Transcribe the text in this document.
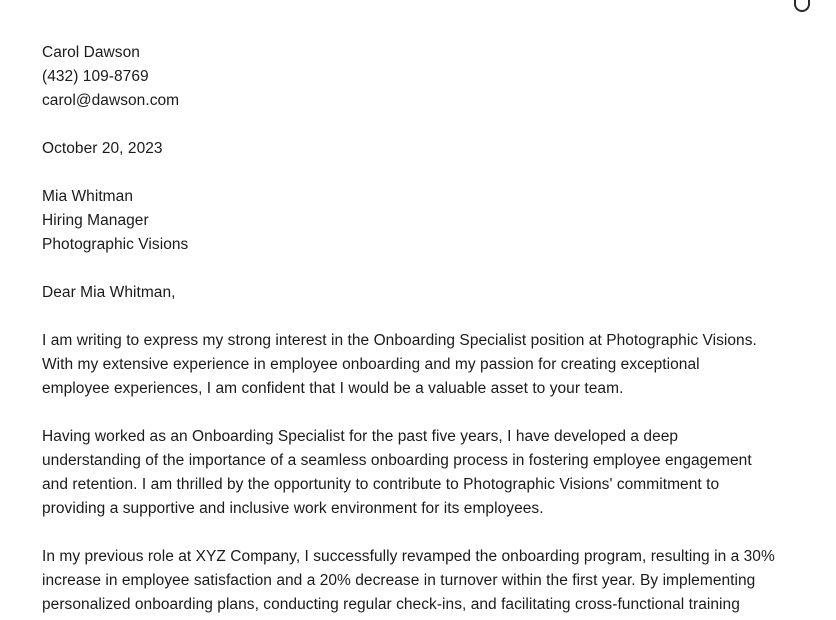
Carol Dawson
(432) 109-8769
carol@dawson.com
October 20, 2023
Mia Whitman
Hiring Manager
Photographic Visions
Dear Mia Whitman,
I am writing to express my strong interest in the Onboarding Specialist position at Photographic Visions.
With my extensive experience in employee onboarding and my passion for creating exceptional
employee experiences, I am confident that I would be a valuable asset to your team.
Having worked as an Onboarding Specialist for the past five years, I have developed a deep
understanding of the importance of a seamless onboarding process in fostering employee engagement
and retention. I am thrilled by the opportunity to contribute to Photographic Visions' commitment to
providing a supportive and inclusive work environment for its employees.
In my previous role at XYZ Company, I successfully revamped the onboarding program, resulting in a 30%
increase in employee satisfaction and a 20% decrease in turnover within the first year. By implementing
personalized onboarding plans, conducting regular check-ins, and facilitating cross-functional training
